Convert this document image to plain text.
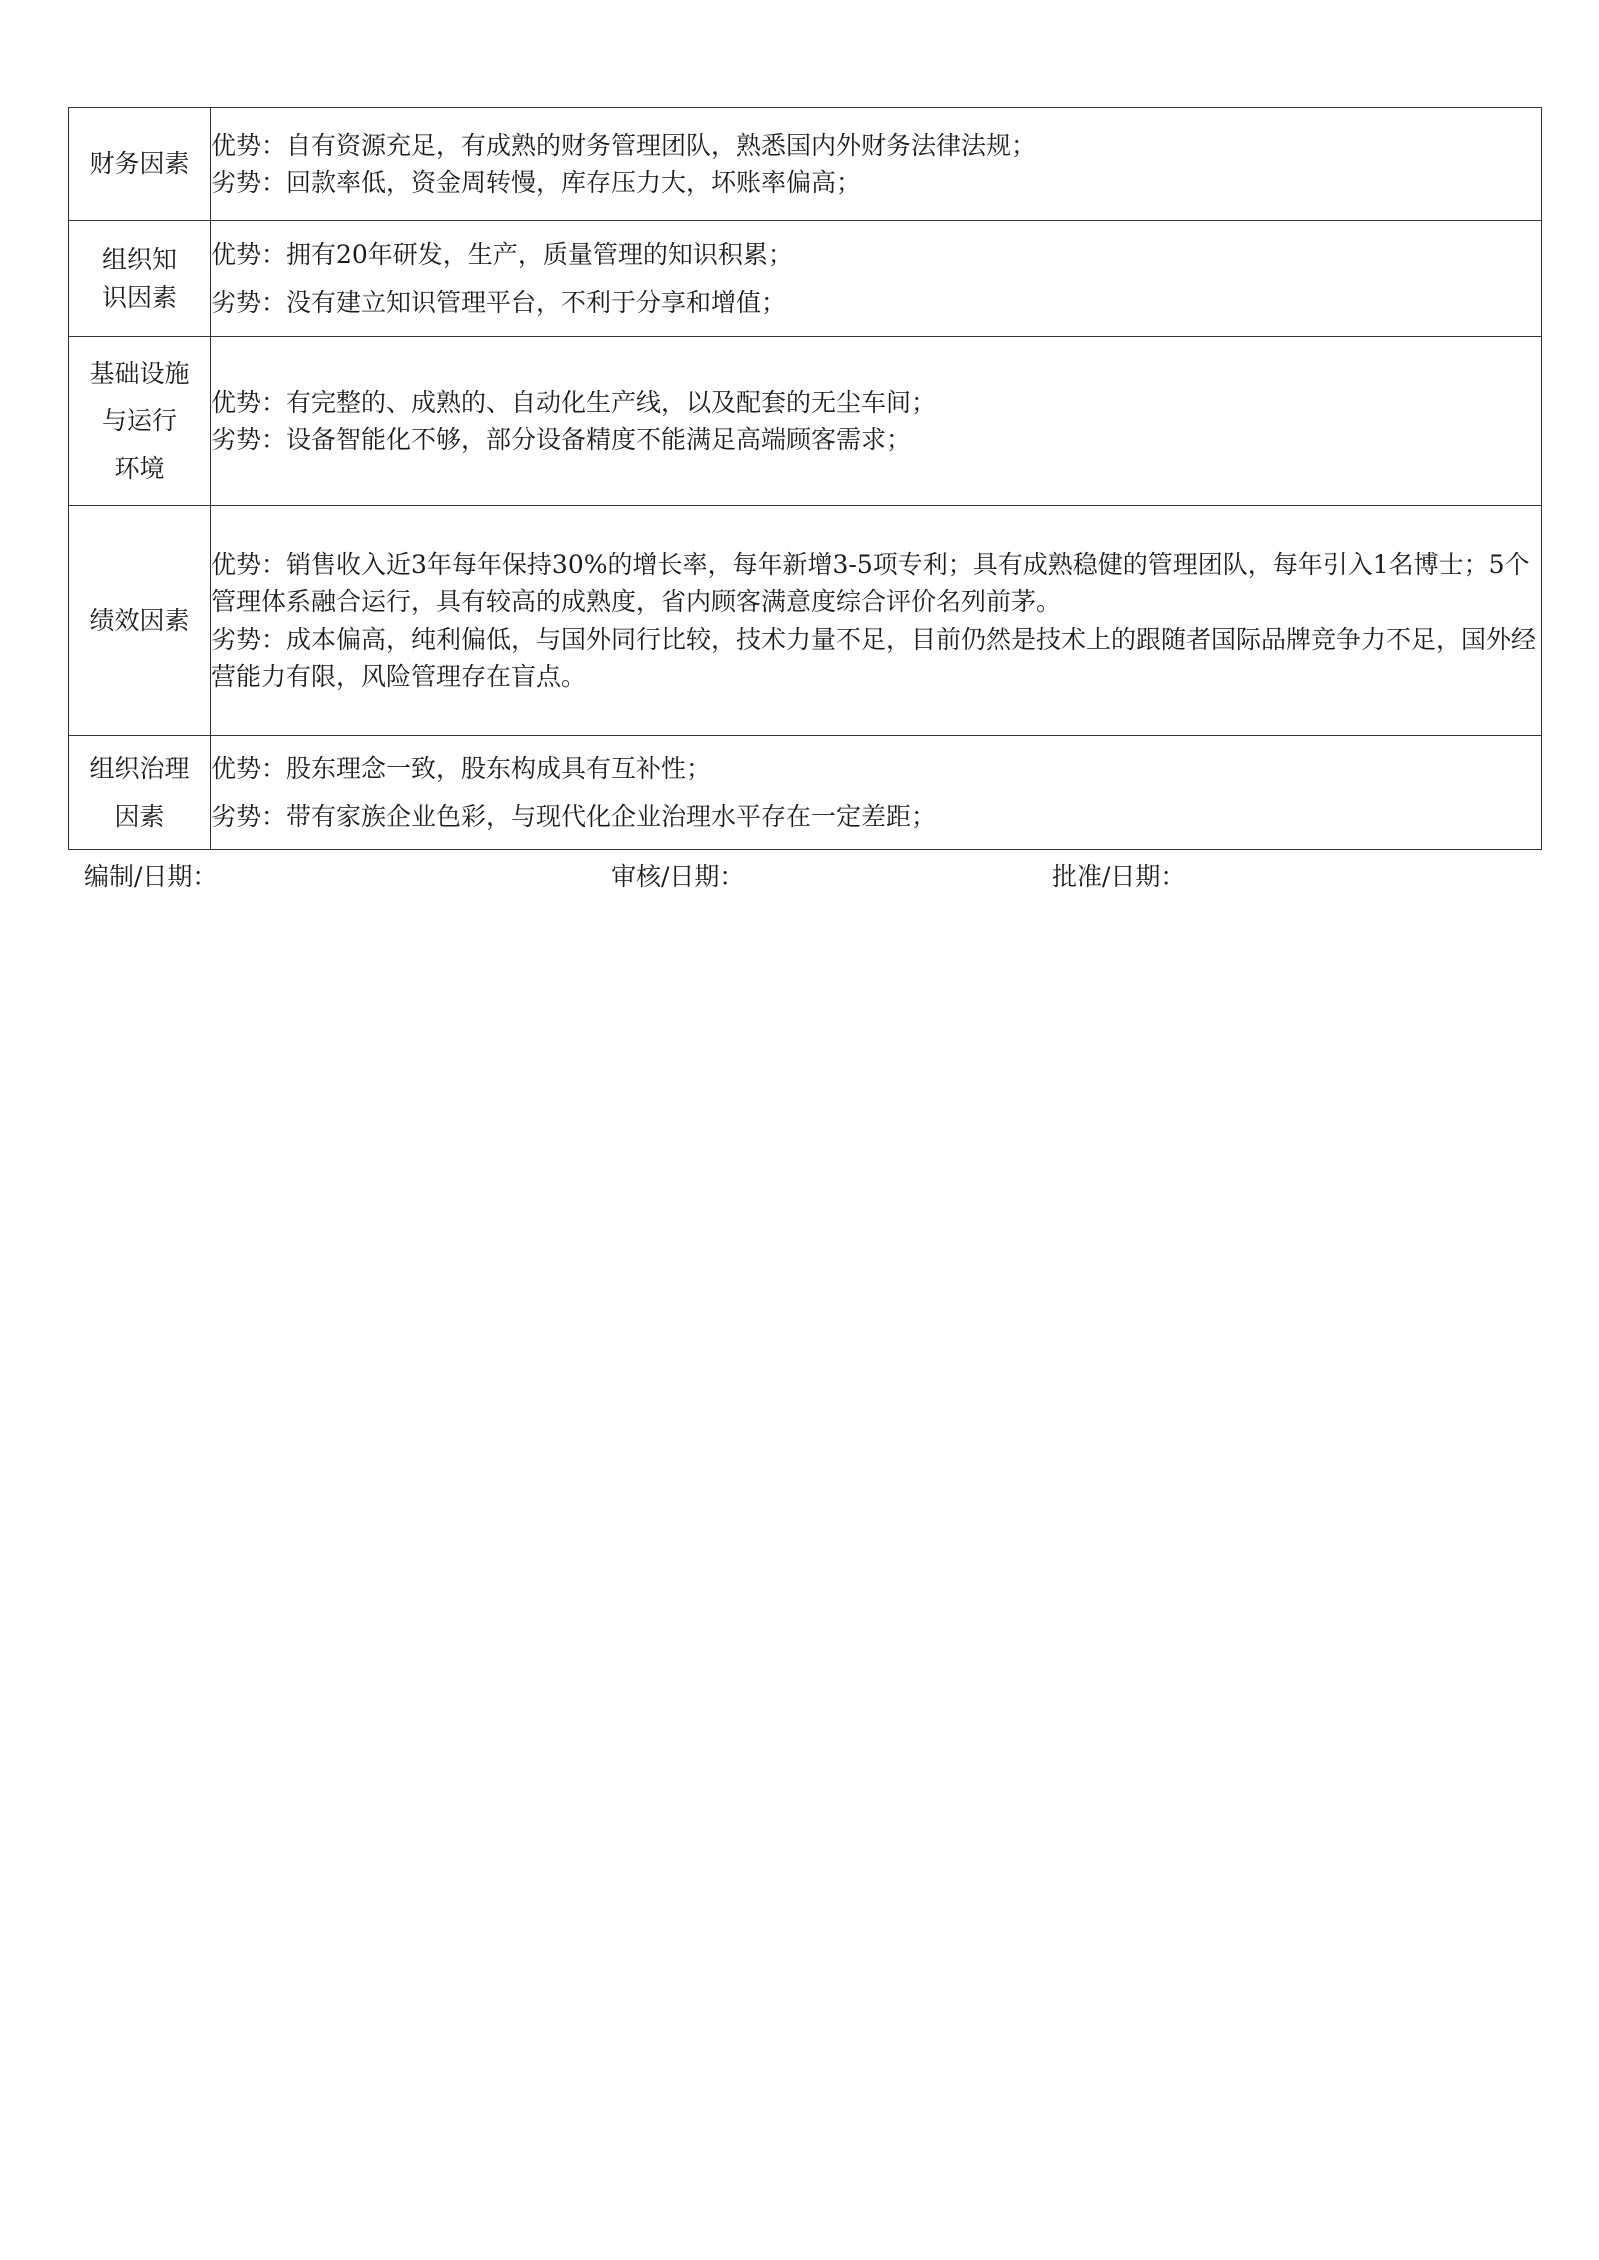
财务因素	优势：自有资源充足，有成熟的财务管理团队，熟悉国内外财务法律法规；
劣势：回款率低，资金周转慢，库存压力大，坏账率偏高；

组织知
识因素	优势：拥有20年研发，生产，质量管理的知识积累；
劣势：没有建立知识管理平台，不利于分享和增值；

基础设施
与运行
环境	优势：有完整的、成熟的、自动化生产线，以及配套的无尘车间；
劣势：设备智能化不够，部分设备精度不能满足高端顾客需求；

绩效因素	优势：销售收入近3年每年保持30%的增长率，每年新增3-5项专利；具有成熟稳健的管理团队，每年引入1名博士；5个管理体系融合运行，具有较高的成熟度，省内顾客满意度综合评价名列前茅。
劣势：成本偏高，纯利偏低，与国外同行比较，技术力量不足，目前仍然是技术上的跟随者国际品牌竞争力不足，国外经营能力有限，风险管理存在盲点。

组织治理
因素	优势：股东理念一致，股东构成具有互补性；
劣势：带有家族企业色彩，与现代化企业治理水平存在一定差距；
编制/日期：	审核/日期：	批准/日期：
